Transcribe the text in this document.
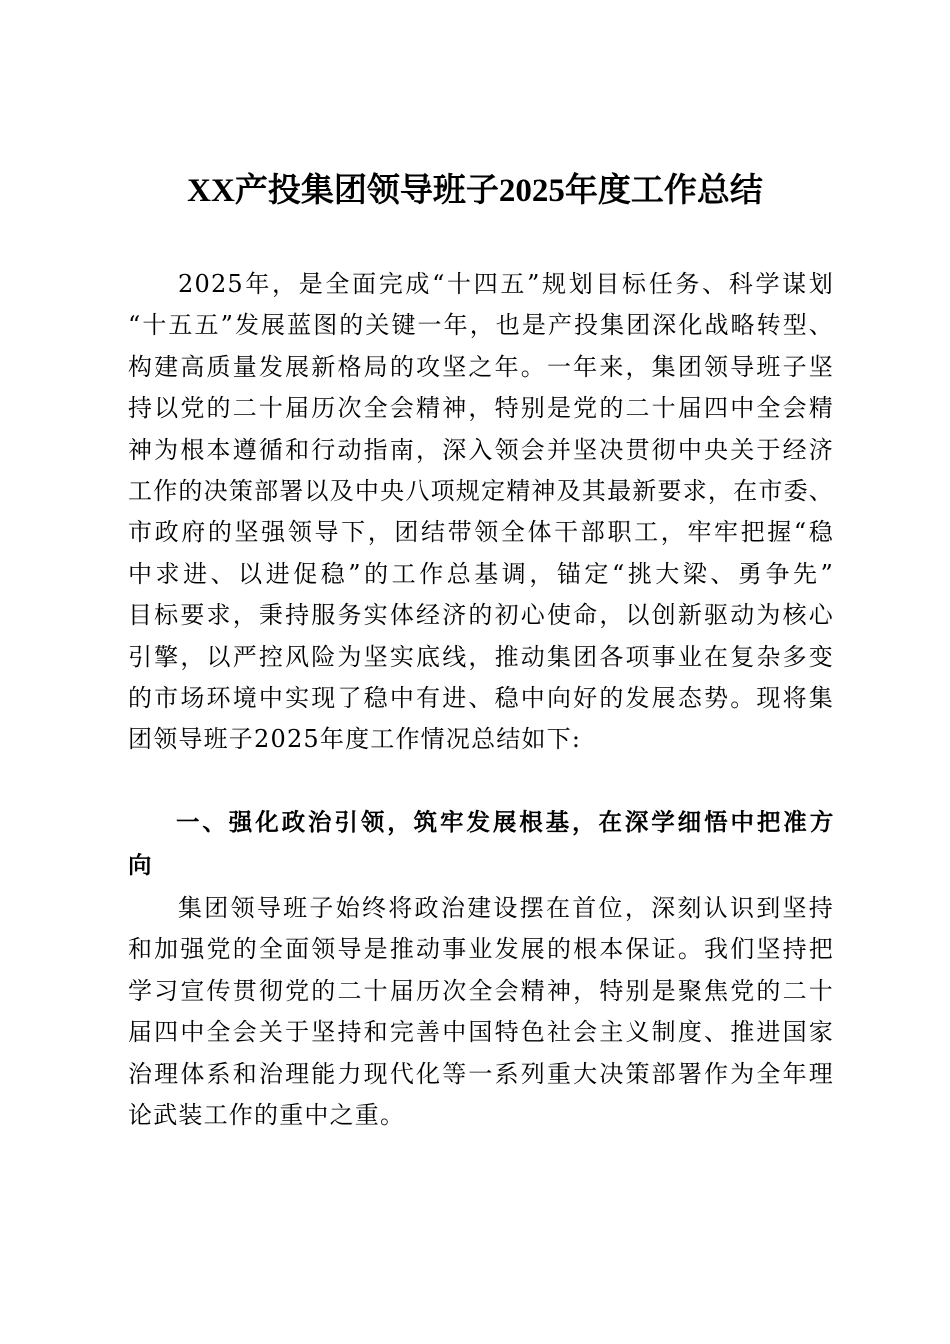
XX产投集团领导班子2025年度工作总结
2025年，是全面完成“十四五”规划目标任务、科学谋划
“十五五”发展蓝图的关键一年，也是产投集团深化战略转型、
构建高质量发展新格局的攻坚之年。一年来，集团领导班子坚
持以党的二十届历次全会精神，特别是党的二十届四中全会精
神为根本遵循和行动指南，深入领会并坚决贯彻中央关于经济
工作的决策部署以及中央八项规定精神及其最新要求，在市委、
市政府的坚强领导下，团结带领全体干部职工，牢牢把握“稳
中求进、以进促稳”的工作总基调，锚定“挑大梁、勇争先”
目标要求，秉持服务实体经济的初心使命，以创新驱动为核心
引擎，以严控风险为坚实底线，推动集团各项事业在复杂多变
的市场环境中实现了稳中有进、稳中向好的发展态势。现将集
团领导班子2025年度工作情况总结如下:
一、强化政治引领，筑牢发展根基，在深学细悟中把准方
向
集团领导班子始终将政治建设摆在首位，深刻认识到坚持
和加强党的全面领导是推动事业发展的根本保证。我们坚持把
学习宣传贯彻党的二十届历次全会精神，特别是聚焦党的二十
届四中全会关于坚持和完善中国特色社会主义制度、推进国家
治理体系和治理能力现代化等一系列重大决策部署作为全年理
论武装工作的重中之重。
